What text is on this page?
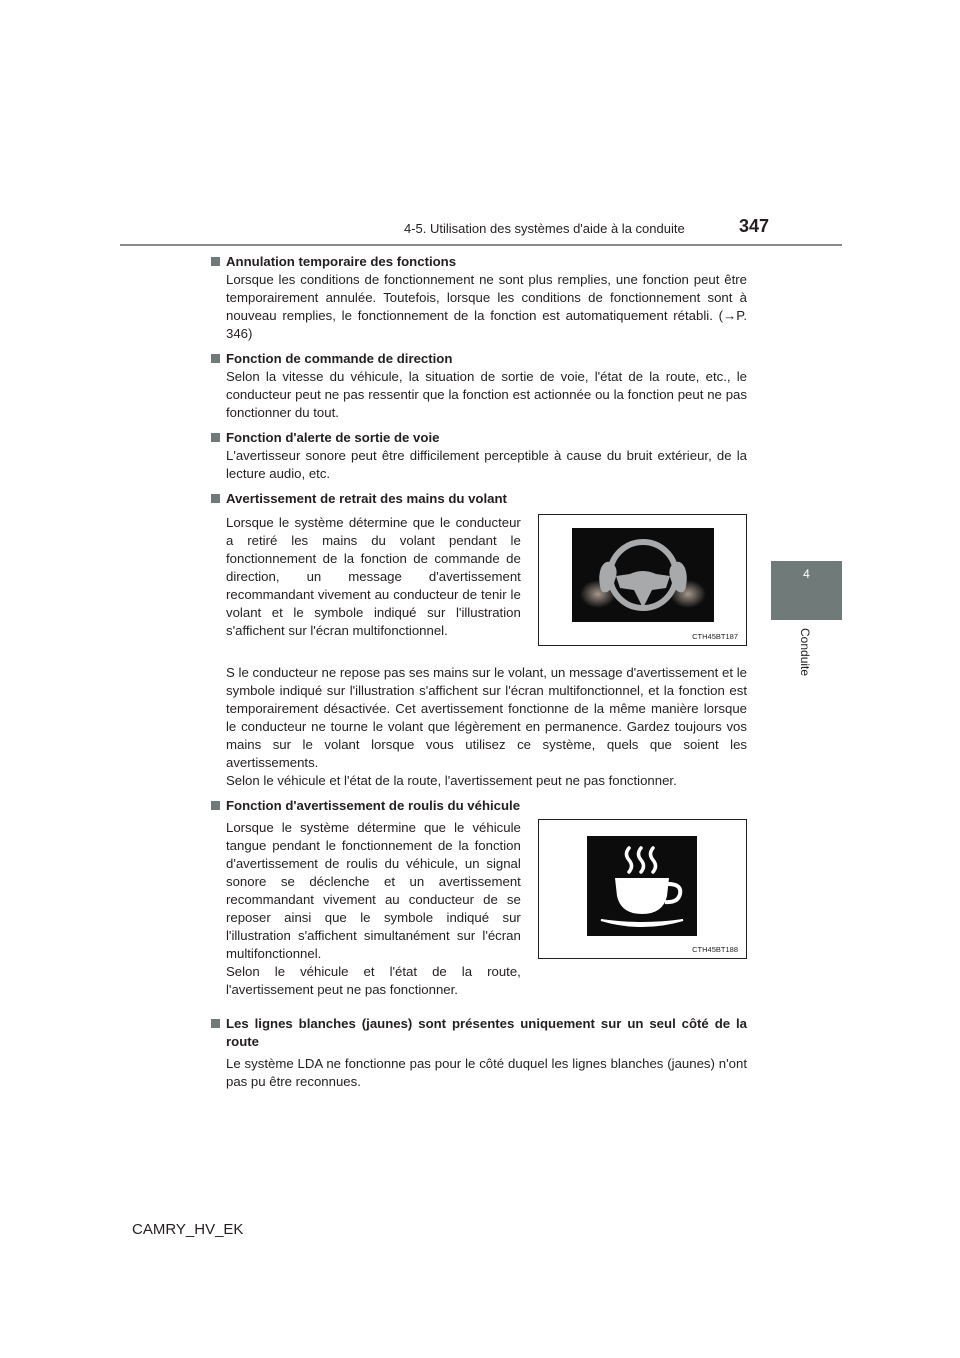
4-5. Utilisation des systèmes d'aide à la conduite	347
4
Conduite

Annulation temporaire des fonctions

Lorsque les conditions de fonctionnement ne sont plus remplies, une fonction peut être temporairement annulée. Toutefois, lorsque les conditions de fonctionnement sont à nouveau remplies, le fonctionnement de la fonction est automatiquement rétabli. (→P. 346)

Fonction de commande de direction

Selon la vitesse du véhicule, la situation de sortie de voie, l'état de la route, etc., le conducteur peut ne pas ressentir que la fonction est actionnée ou la fonction peut ne pas fonctionner du tout.

Fonction d'alerte de sortie de voie

L'avertisseur sonore peut être difficilement perceptible à cause du bruit extérieur, de la lecture audio, etc.

Avertissement de retrait des mains du volant

Lorsque le système détermine que le conducteur a retiré les mains du volant pendant le fonctionnement de la fonction de commande de direction, un message d'avertissement recommandant vivement au conducteur de tenir le volant et le symbole indiqué sur l'illustration s'affichent sur l'écran multifonctionnel.	CTH45BT187

S le conducteur ne repose pas ses mains sur le volant, un message d'avertissement et le symbole indiqué sur l'illustration s'affichent sur l'écran multifonctionnel, et la fonction est temporairement désactivée. Cet avertissement fonctionne de la même manière lorsque le conducteur ne tourne le volant que légèrement en permanence. Gardez toujours vos mains sur le volant lorsque vous utilisez ce système, quels que soient les avertissements.

Selon le véhicule et l'état de la route, l'avertissement peut ne pas fonctionner.

Fonction d'avertissement de roulis du véhicule

Lorsque le système détermine que le véhicule tangue pendant le fonctionnement de la fonction d'avertissement de roulis du véhicule, un signal sonore se déclenche et un avertissement recommandant vivement au conducteur de se reposer ainsi que le symbole indiqué sur l'illustration s'affichent simultanément sur l'écran multifonctionnel.
Selon le véhicule et l'état de la route, l'avertissement peut ne pas fonctionner.
CTH45BT188

Les lignes blanches (jaunes) sont présentes uniquement sur un seul côté de la route

Le système LDA ne fonctionne pas pour le côté duquel les lignes blanches (jaunes) n'ont pas pu être reconnues.

CAMRY_HV_EK
